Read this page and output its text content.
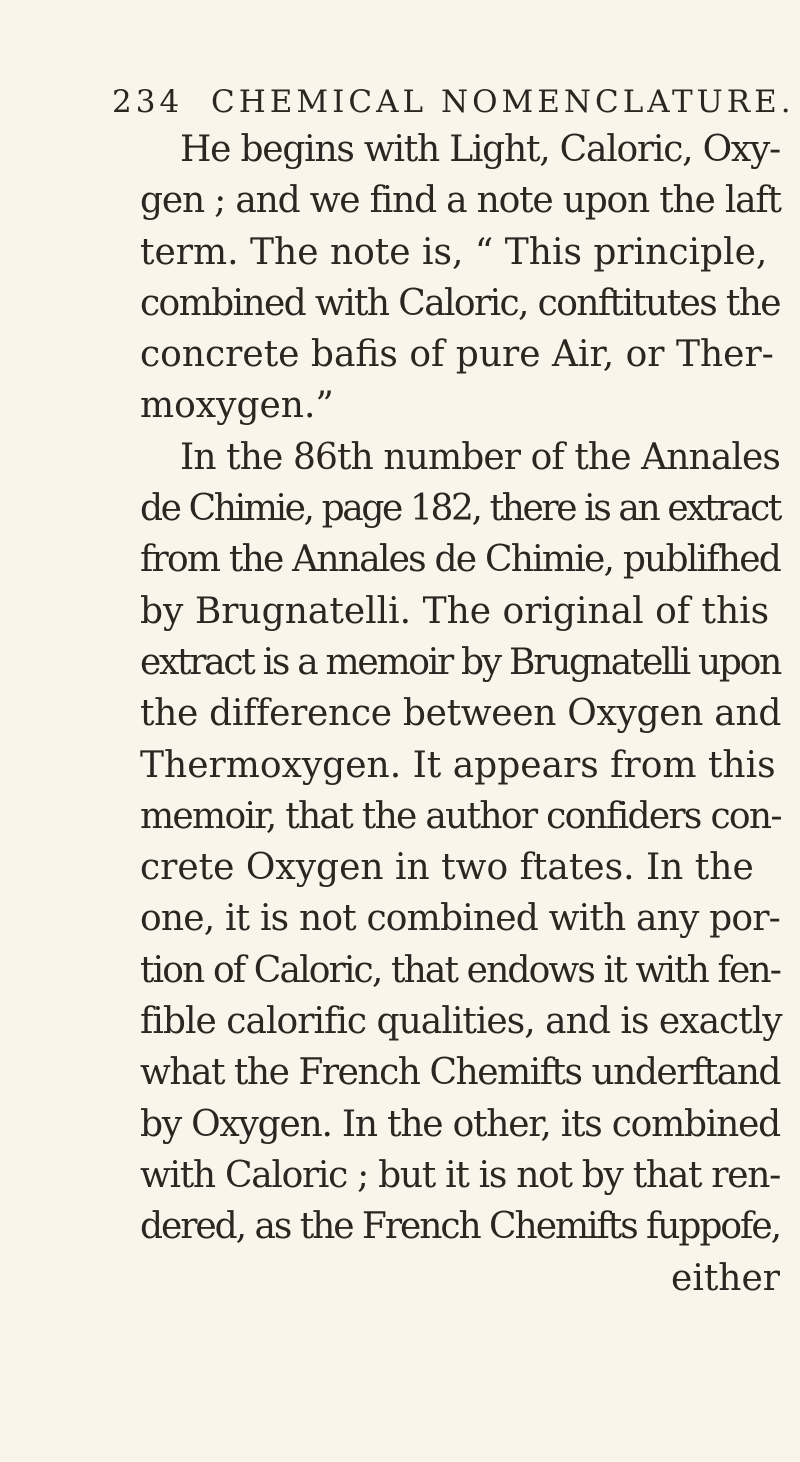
234 CHEMICAL NOMENCLATURE.
He begins with Light, Caloric, Oxy-
gen ; and we find a note upon the laft
term. The note is, “ This principle,
combined with Caloric, conftitutes the
concrete bafis of pure Air, or Ther-
moxygen.”
In the 86th number of the Annales
de Chimie, page 182, there is an extract
from the Annales de Chimie, publifhed
by Brugnatelli. The original of this
extract is a memoir by Brugnatelli upon
the difference between Oxygen and
Thermoxygen. It appears from this
memoir, that the author confiders con-
crete Oxygen in two ftates. In the
one, it is not combined with any por-
tion of Caloric, that endows it with fen-
fible calorific qualities, and is exactly
what the French Chemifts underftand
by Oxygen. In the other, its combined
with Caloric ; but it is not by that ren-
dered, as the French Chemifts fuppofe,
either
